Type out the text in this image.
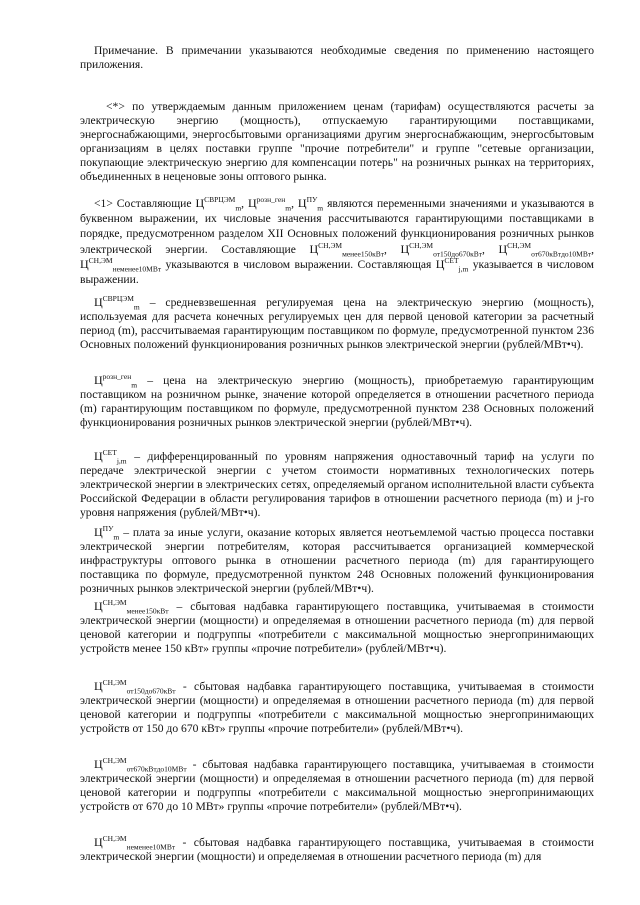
Примечание. В примечании указываются необходимые сведения по применению настоящего приложения.

<*> по утверждаемым данным приложением ценам (тарифам) осуществляются расчеты за электрическую энергию (мощность), отпускаемую гарантирующими поставщиками, энергоснабжающими, энергосбытовыми организациями другим энергоснабжающим, энергосбытовым организациям в целях поставки группе "прочие потребители" и группе "сетевые организации, покупающие электрическую энергию для компенсации потерь" на розничных рынках на территориях, объединенных в неценовые зоны оптового рынка.

<1> Составляющие $Ц^{СВРЦЭМ}_m$, $Ц^{розн\_ген}_m$, $Ц^{ПУ}_m$ являются переменными значениями и указываются в буквенном выражении, их числовые значения рассчитываются гарантирующими поставщиками в порядке, предусмотренном разделом XII Основных положений функционирования розничных рынков электрической энергии. Составляющие $Ц^{СН,ЭМ}_{менее150кВт}$, $Ц^{СН,ЭМ}_{от150до670кВт}$, $Ц^{СН,ЭМ}_{от670кВтдо10МВт}$, $Ц^{СН,ЭМ}_{неменее10МВт}$ указываются в числовом выражении. Составляющая $Ц^{СЕТ}_{j,m}$ указывается в числовом выражении.

$Ц^{СВРЦЭМ}_m$ – средневзвешенная регулируемая цена на электрическую энергию (мощность), используемая для расчета конечных регулируемых цен для первой ценовой категории за расчетный период (m), рассчитываемая гарантирующим поставщиком по формуле, предусмотренной пунктом 236 Основных положений функционирования розничных рынков электрической энергии (рублей/МВт•ч).

$Ц^{розн\_ген}_m$ – цена на электрическую энергию (мощность), приобретаемую гарантирующим поставщиком на розничном рынке, значение которой определяется в отношении расчетного периода (m) гарантирующим поставщиком по формуле, предусмотренной пунктом 238 Основных положений функционирования розничных рынков электрической энергии (рублей/МВт•ч).

$Ц^{СЕТ}_{j,m}$ – дифференцированный по уровням напряжения одноставочный тариф на услуги по передаче электрической энергии с учетом стоимости нормативных технологических потерь электрической энергии в электрических сетях, определяемый органом исполнительной власти субъекта Российской Федерации в области регулирования тарифов в отношении расчетного периода (m) и j-го уровня напряжения (рублей/МВт•ч).

$Ц^{ПУ}_m$ – плата за иные услуги, оказание которых является неотъемлемой частью процесса поставки электрической энергии потребителям, которая рассчитывается организацией коммерческой инфраструктуры оптового рынка в отношении расчетного периода (m) для гарантирующего поставщика по формуле, предусмотренной пунктом 248 Основных положений функционирования розничных рынков электрической энергии (рублей/МВт•ч).

$Ц^{СН,ЭМ}_{менее150кВт}$ – сбытовая надбавка гарантирующего поставщика, учитываемая в стоимости электрической энергии (мощности) и определяемая в отношении расчетного периода (m) для первой ценовой категории и подгруппы «потребители с максимальной мощностью энергопринимающих устройств менее 150 кВт» группы «прочие потребители» (рублей/МВт•ч).

$Ц^{СН,ЭМ}_{от150до670кВт}$ - сбытовая надбавка гарантирующего поставщика, учитываемая в стоимости электрической энергии (мощности) и определяемая в отношении расчетного периода (m) для первой ценовой категории и подгруппы «потребители с максимальной мощностью энергопринимающих устройств от 150 до 670 кВт» группы «прочие потребители» (рублей/МВт•ч).

$Ц^{СН,ЭМ}_{от670кВтдо10МВт}$ - сбытовая надбавка гарантирующего поставщика, учитываемая в стоимости электрической энергии (мощности) и определяемая в отношении расчетного периода (m) для первой ценовой категории и подгруппы «потребители с максимальной мощностью энергопринимающих устройств от 670 до 10 МВт» группы «прочие потребители» (рублей/МВт•ч).

$Ц^{СН,ЭМ}_{неменее10МВт}$ - сбытовая надбавка гарантирующего поставщика, учитываемая в стоимости электрической энергии (мощности) и определяемая в отношении расчетного периода (m) для
